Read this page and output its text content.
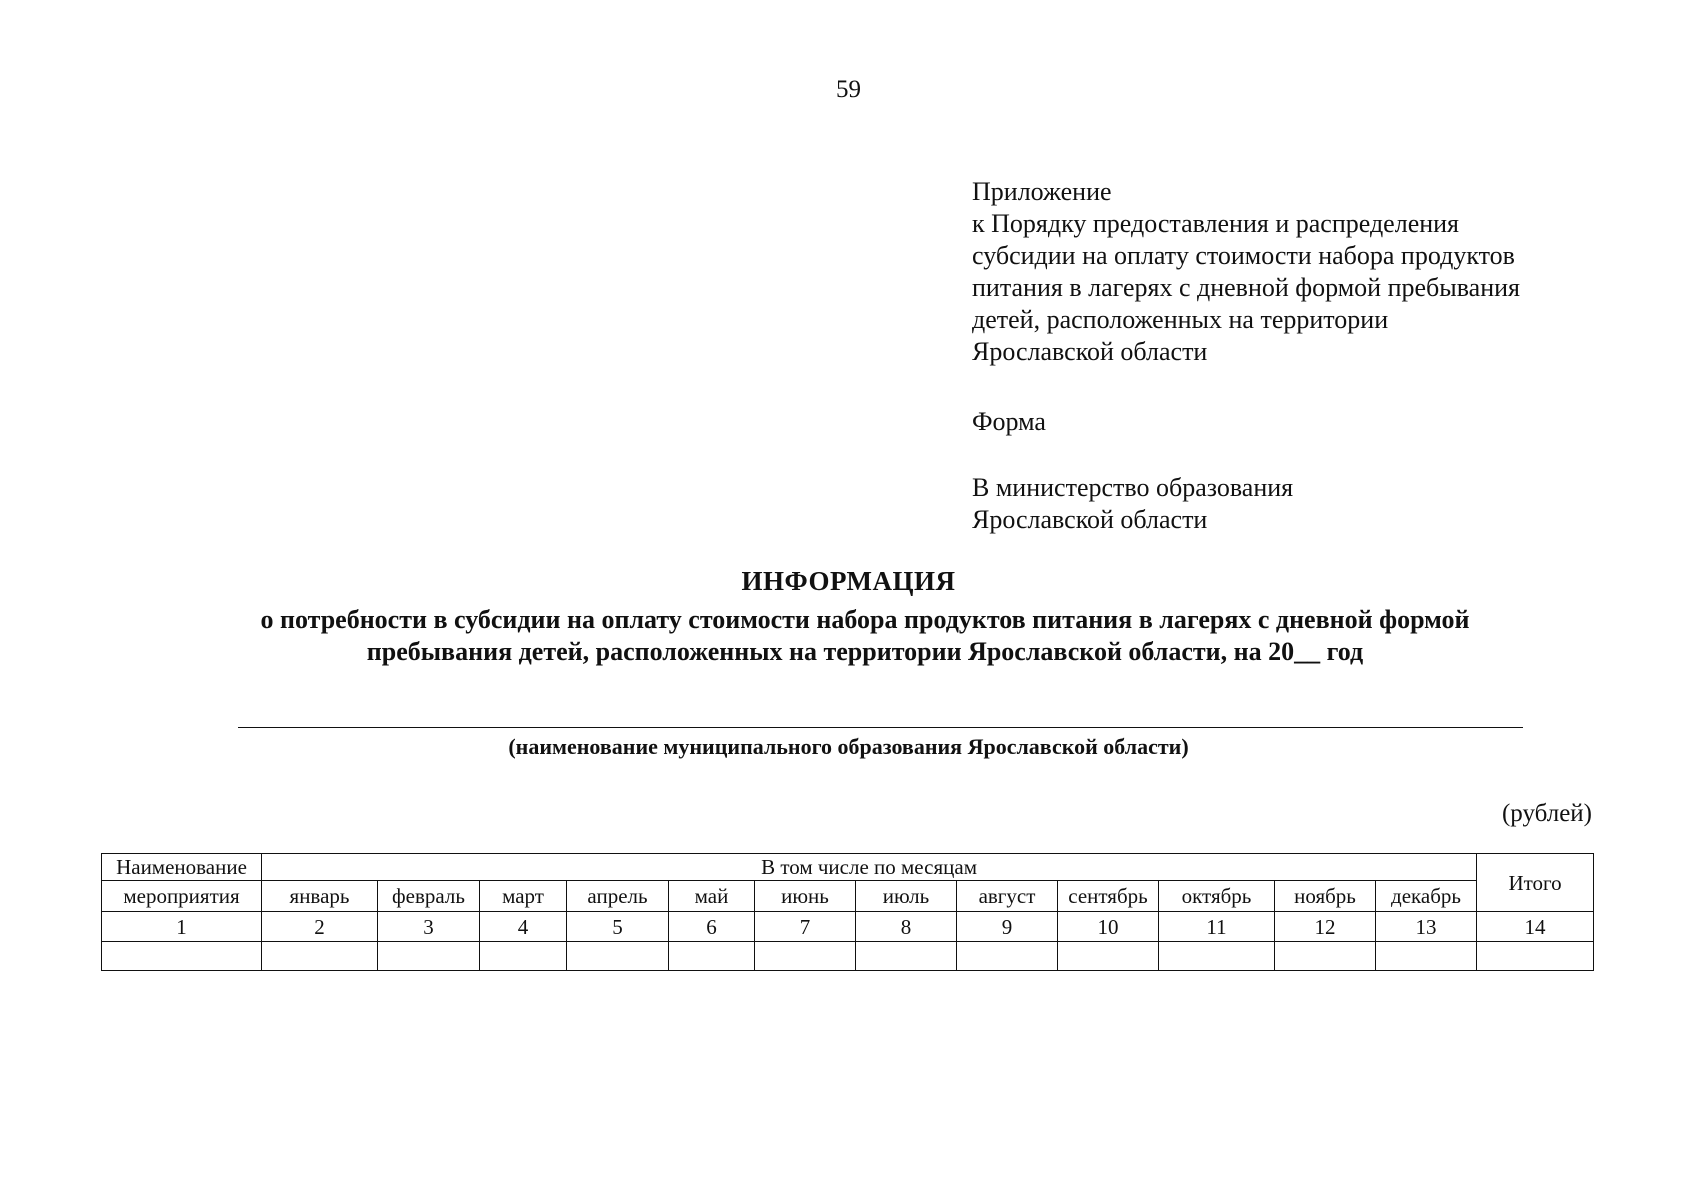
59
Приложение
к Порядку предоставления и распределения
субсидии на оплату стоимости набора продуктов
питания в лагерях с дневной формой пребывания
детей, расположенных на территории
Ярославской области
Форма
В министерство образования
Ярославской области
ИНФОРМАЦИЯ
о потребности в субсидии на оплату стоимости набора продуктов питания в лагерях с дневной формой
пребывания детей, расположенных на территории Ярославской области, на 20__ год
(наименование муниципального образования Ярославской области)
(рублей)
Наименование	В том числе по месяцам												Итого
мероприятия	январь	февраль	март	апрель	май	июнь	июль	август	сентябрь	октябрь	ноябрь	декабрь	
1	2	3	4	5	6	7	8	9	10	11	12	13	14
